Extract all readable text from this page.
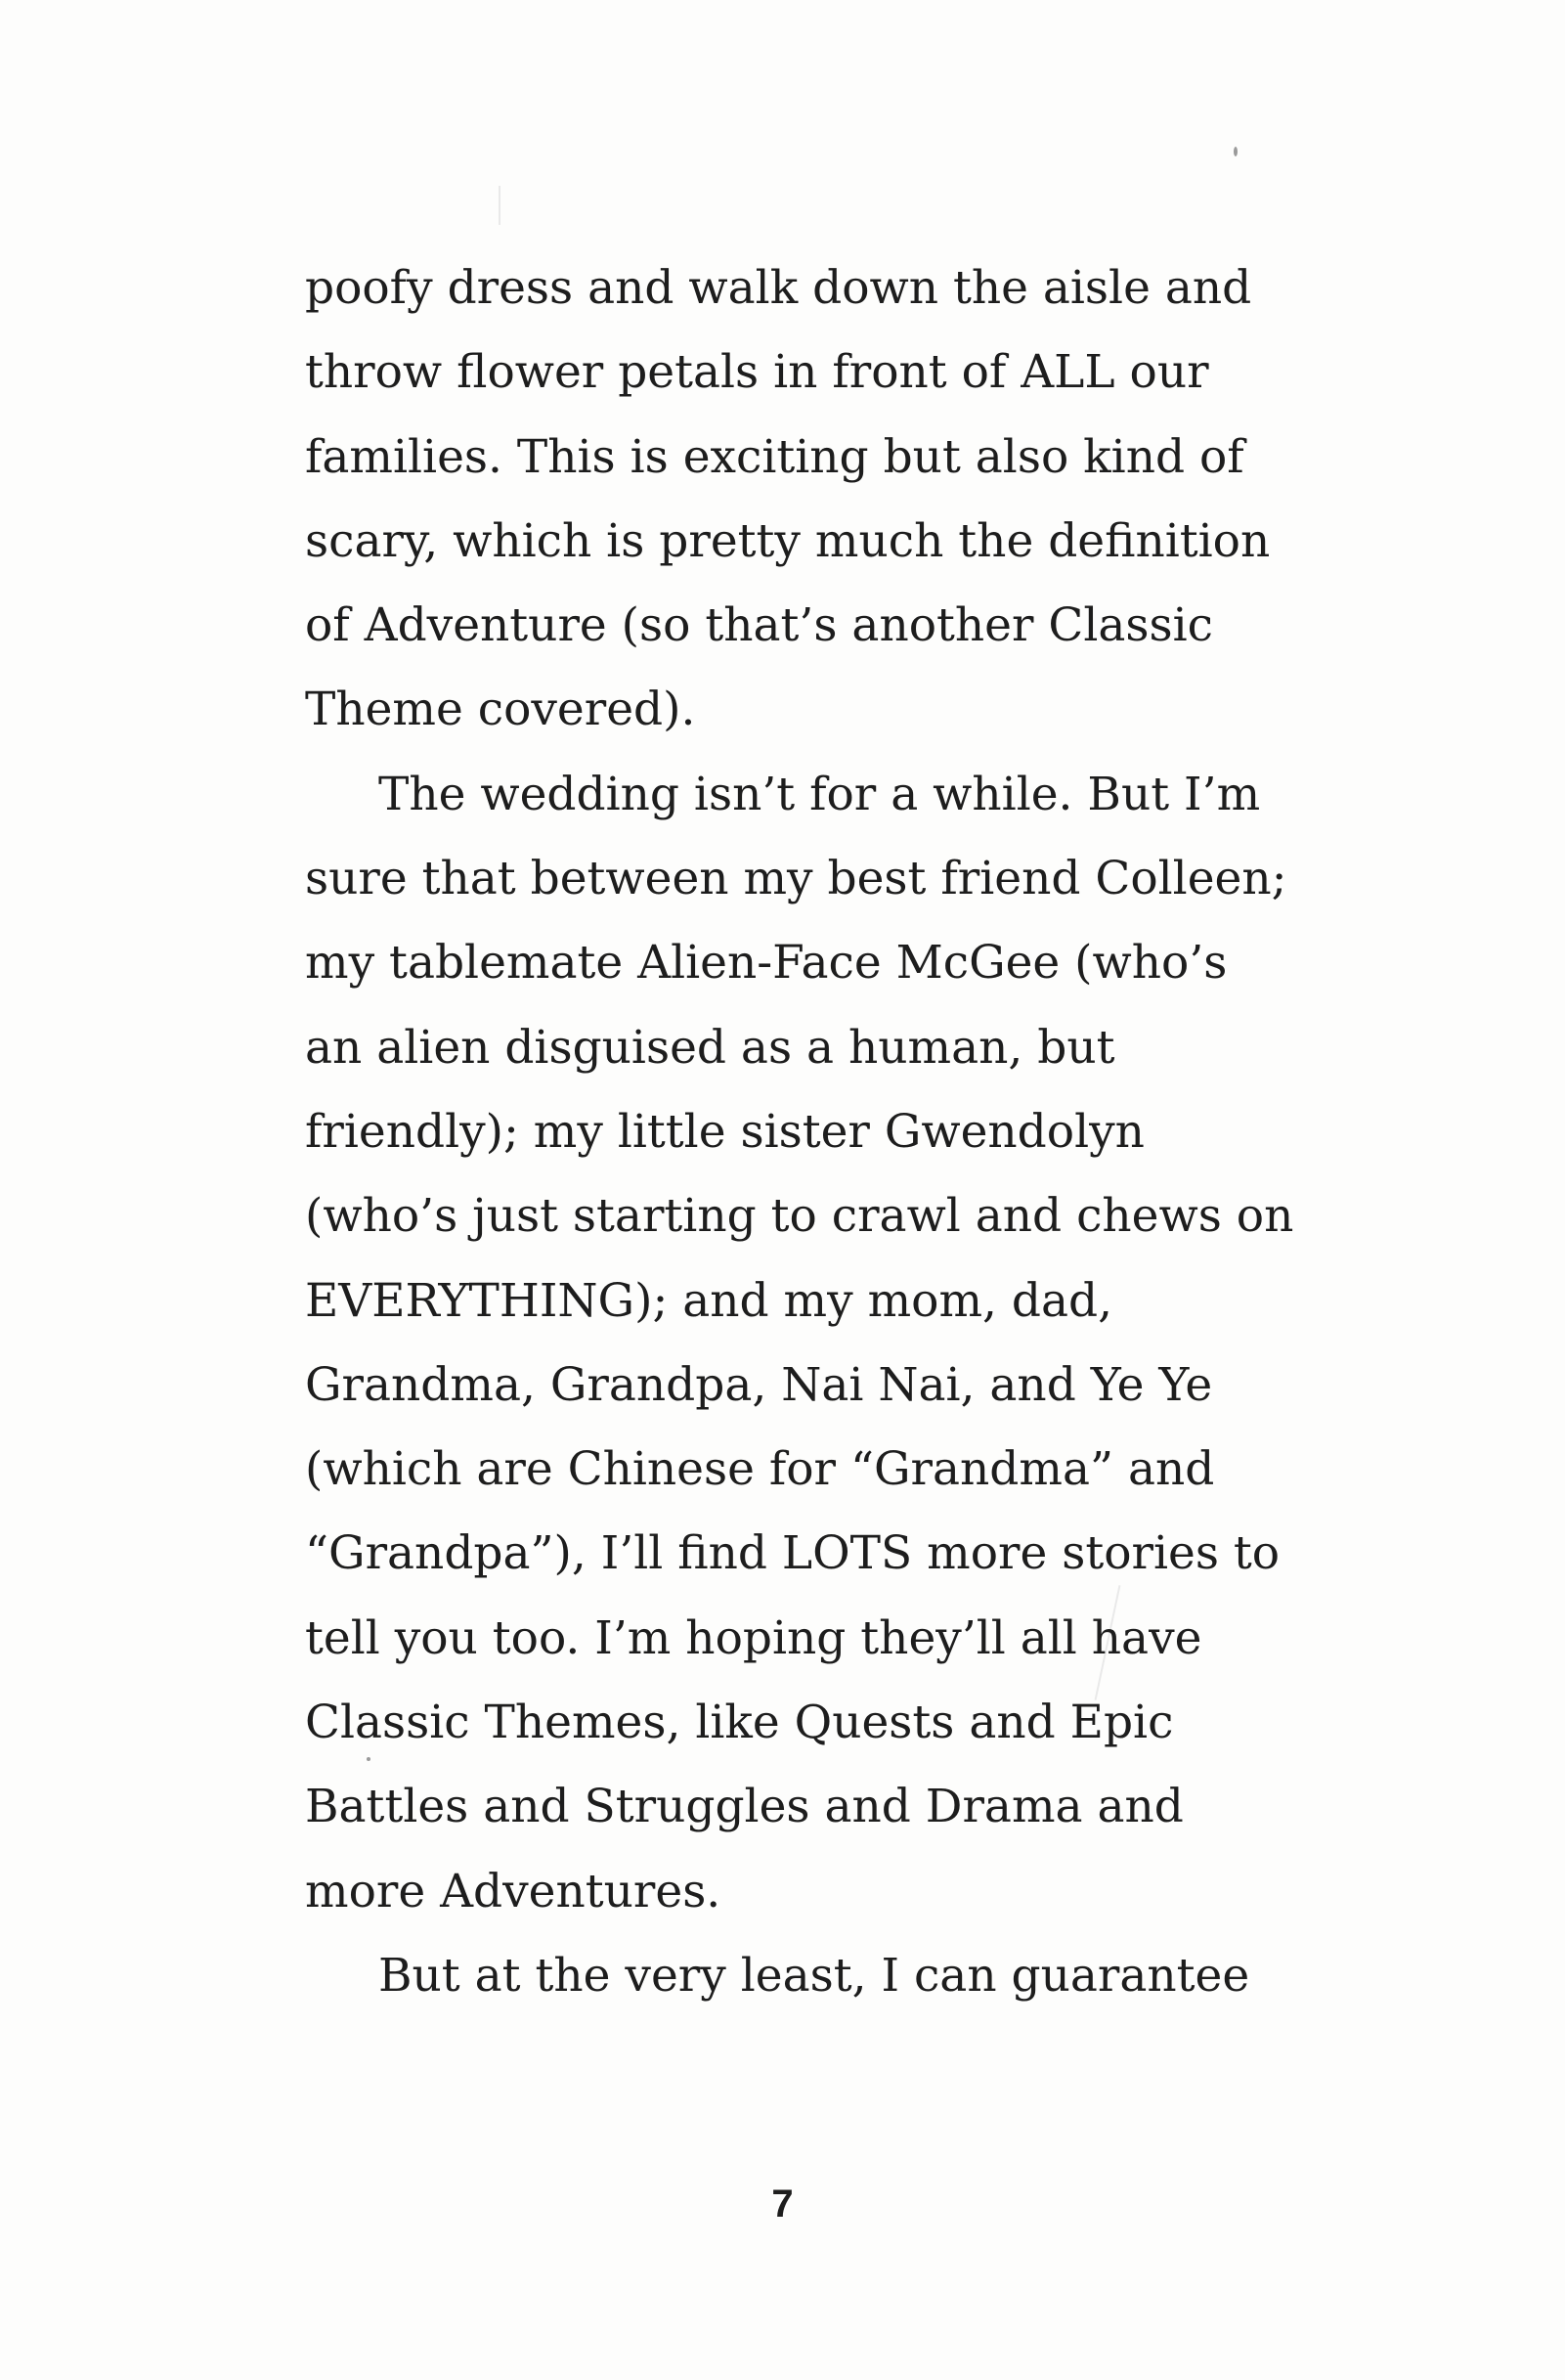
poofy dress and walk down the aisle and
throw flower petals in front of ALL our
families. This is exciting but also kind of
scary, which is pretty much the definition
of Adventure (so that’s another Classic
Theme covered).
The wedding isn’t for a while. But I’m
sure that between my best friend Colleen;
my tablemate Alien-Face McGee (who’s
an alien disguised as a human, but
friendly); my little sister Gwendolyn
(who’s just starting to crawl and chews on
EVERYTHING); and my mom, dad,
Grandma, Grandpa, Nai Nai, and Ye Ye
(which are Chinese for “Grandma” and
“Grandpa”), I’ll find LOTS more stories to
tell you too. I’m hoping they’ll all have
Classic Themes, like Quests and Epic
Battles and Struggles and Drama and
more Adventures.
But at the very least, I can guarantee
7
